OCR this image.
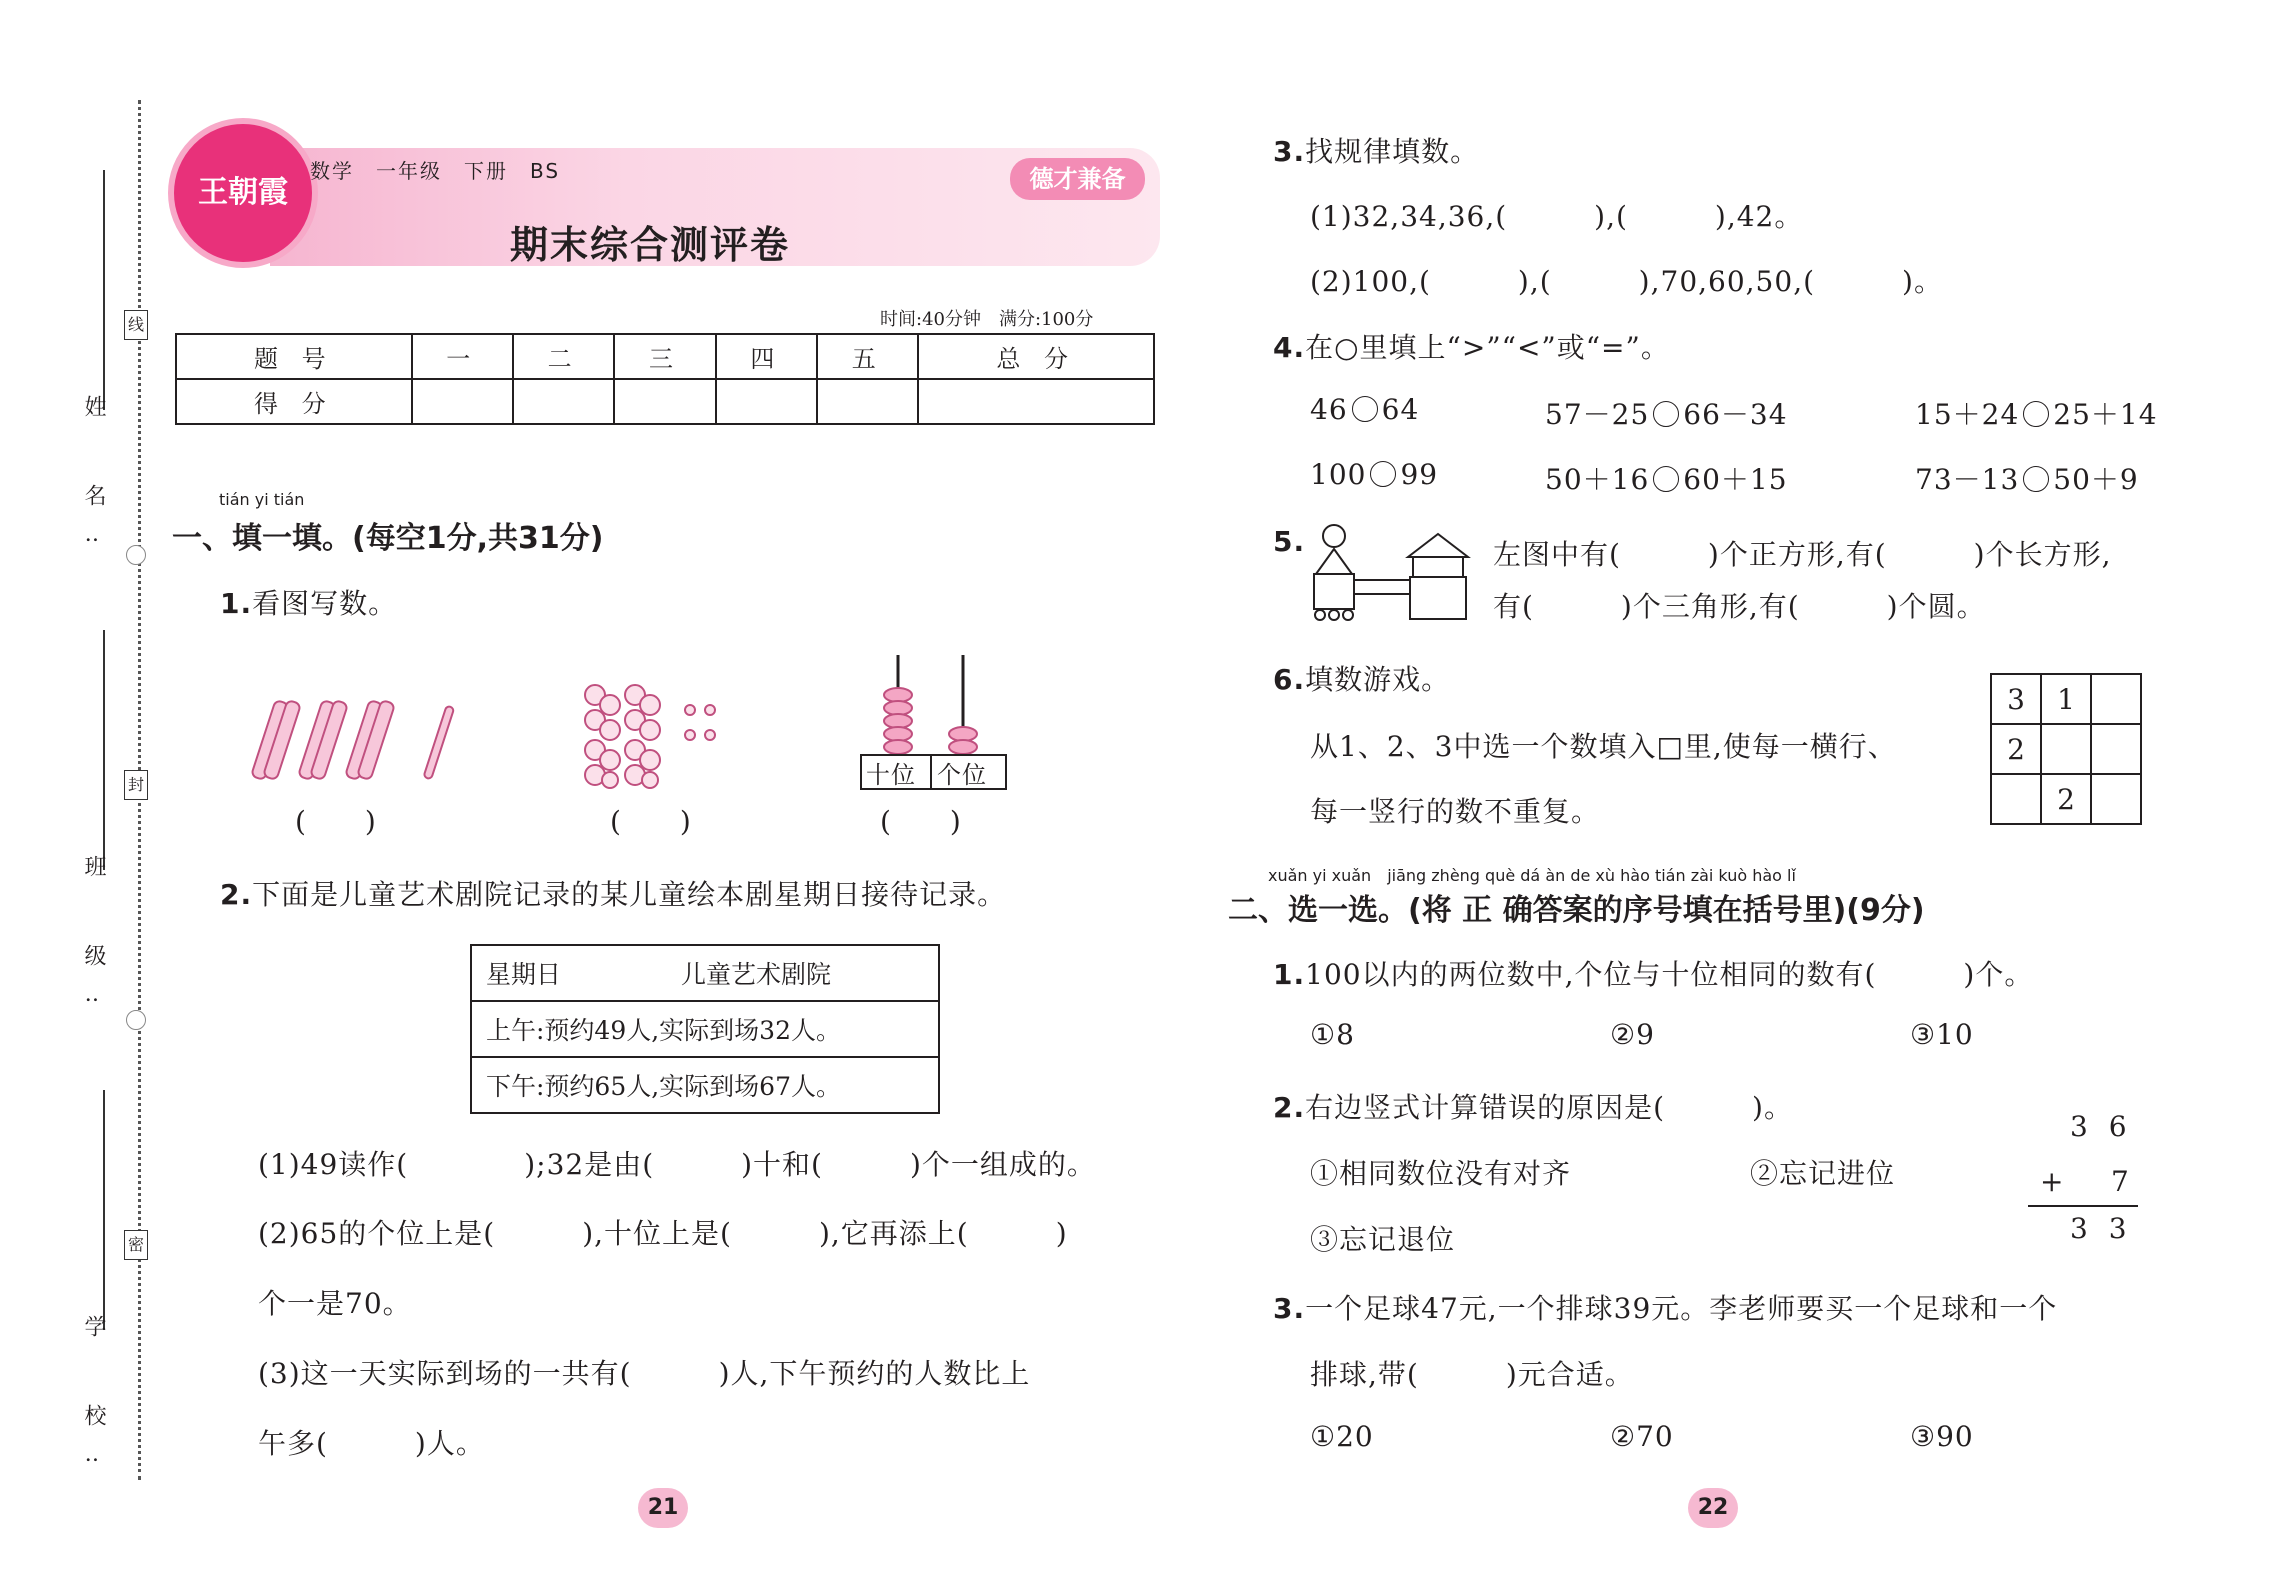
姓 名:
班 级:
学 校:
线
封
密
王朝霞
数学　一年级　下册　BS	德才兼备
期末综合测评卷
时间:40分钟　满分:100分
题 号	一	二	三	四	五	总 分
得 分						
tián yi tián
一、填一填。(每空1分,共31分)
1.看图写数。
十位 个位
(　　)	(　　)	(　　)
2.下面是儿童艺术剧院记录的某儿童绘本剧星期日接待记录。
星期日	儿童艺术剧院
上午:预约49人,实际到场32人。
下午:预约65人,实际到场67人。
(1)49读作(　　　　);32是由(　　　)十和(　　　)个一组成的。
(2)65的个位上是(　　　),十位上是(　　　),它再添上(　　　)
个一是70。
(3)这一天实际到场的一共有(　　　)人,下午预约的人数比上
午多(　　　)人。
21
3.找规律填数。
(1)32,34,36,(　　　),(　　　),42。
(2)100,(　　　),(　　　),70,60,50,(　　　)。
4.在○里填上“>”“<”或“=”。
46 64	57－25 66－34	15＋24 25＋14
100 99	50＋16 60＋15	73－13 50＋9
5.	左图中有(　　　)个正方形,有(　　　)个长方形,
有(　　　)个三角形,有(　　　)个圆。
6.填数游戏。
从1、2、3中选一个数填入□里,使每一横行、
每一竖行的数不重复。
3	1	
2		
	2	
xuǎn yi xuǎn　jiāng zhèng què dá àn de xù hào tián zài kuò hào lǐ
二、选一选。(将 正 确答案的序号填在括号里)(9分)
1.100以内的两位数中,个位与十位相同的数有(　　　)个。
①8	②9	③10
2.右边竖式计算错误的原因是(　　　)。
①相同数位没有对齐	②忘记进位
③忘记退位
3 6
+ 7
3 3
3.一个足球47元,一个排球39元。李老师要买一个足球和一个
排球,带(　　　)元合适。
①20	②70	③90
22
